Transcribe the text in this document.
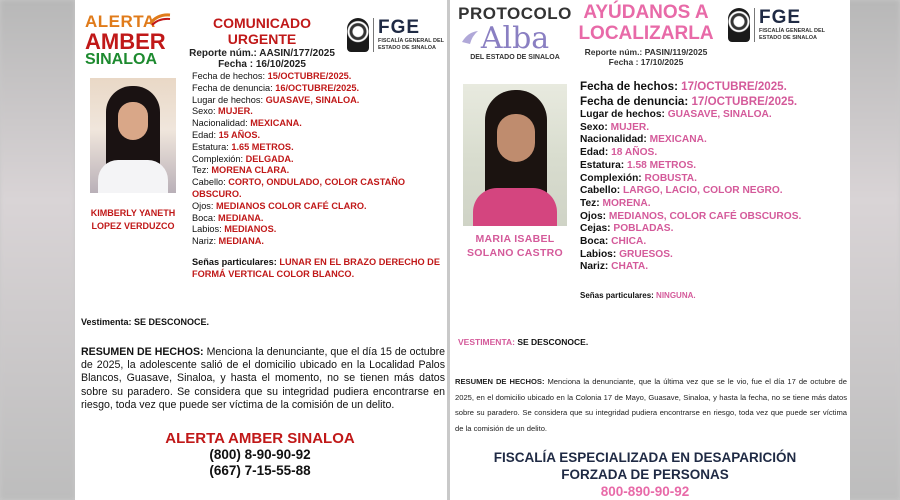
ALERTA
AMBER
SINALOA
COMUNICADO URGENTE
Reporte núm.: AASIN/177/2025
Fecha : 16/10/2025
FGE
FISCALÍA GENERAL DEL
ESTADO DE SINALOA
KIMBERLY YANETH
LOPEZ VERDUZCO
Fecha de hechos: 15/OCTUBRE/2025.
Fecha de denuncia: 16/OCTUBRE/2025.
Lugar de hechos: GUASAVE, SINALOA.
Sexo: MUJER.
Nacionalidad: MEXICANA.
Edad: 15 AÑOS.
Estatura: 1.65 METROS.
Complexión: DELGADA.
Tez: MORENA CLARA.
Cabello: CORTO, ONDULADO, COLOR CASTAÑO OBSCURO.
Ojos: MEDIANOS COLOR CAFÉ CLARO.
Boca: MEDIANA.
Labios: MEDIANOS.
Nariz: MEDIANA.
Señas particulares: LUNAR EN EL BRAZO DERECHO DE FORMÁ VERTICAL COLOR BLANCO.
Vestimenta: SE DESCONOCE.
RESUMEN DE HECHOS: Menciona la denunciante, que el día 15 de octubre de 2025, la adolescente salió de el domicilio ubicado en la Localidad Palos Blancos, Guasave, Sinaloa, y hasta el momento, no se tienen más datos sobre su paradero. Se considera que su integridad pudiera encontrarse en riesgo, toda vez que puede ser víctima de la comisión de un delito.
ALERTA AMBER SINALOA
(800) 8-90-90-92
(667) 7-15-55-88
PROTOCOLO
Alba
DEL ESTADO DE SINALOA
AYÚDANOS A
LOCALIZARLA
Reporte núm.: PASIN/119/2025
Fecha : 17/10/2025
FGE
FISCALÍA GENERAL DEL
ESTADO DE SINALOA
MARIA ISABEL
SOLANO CASTRO
Fecha de hechos: 17/OCTUBRE/2025.
Fecha de denuncia: 17/OCTUBRE/2025.
Lugar de hechos: GUASAVE, SINALOA.
Sexo: MUJER.
Nacionalidad: MEXICANA.
Edad: 18 AÑOS.
Estatura: 1.58 METROS.
Complexión: ROBUSTA.
Cabello: LARGO, LACIO, COLOR NEGRO.
Tez: MORENA.
Ojos: MEDIANOS, COLOR CAFÉ OBSCUROS.
Cejas: POBLADAS.
Boca: CHICA.
Labios: GRUESOS.
Nariz: CHATA.
Señas particulares: NINGUNA.
VESTIMENTA: SE DESCONOCE.
RESUMEN DE HECHOS: Menciona la denunciante, que la última vez que se le vio, fue el día 17 de octubre de 2025, en el domicilio ubicado en la Colonia 17 de Mayo, Guasave, Sinaloa, y hasta la fecha, no se tiene más datos sobre su paradero. Se considera que su integridad pudiera encontrarse en riesgo, toda vez que puede ser víctima de la comisión de un delito.
FISCALÍA ESPECIALIZADA EN DESAPARICIÓN
FORZADA DE PERSONAS
800-890-90-92
